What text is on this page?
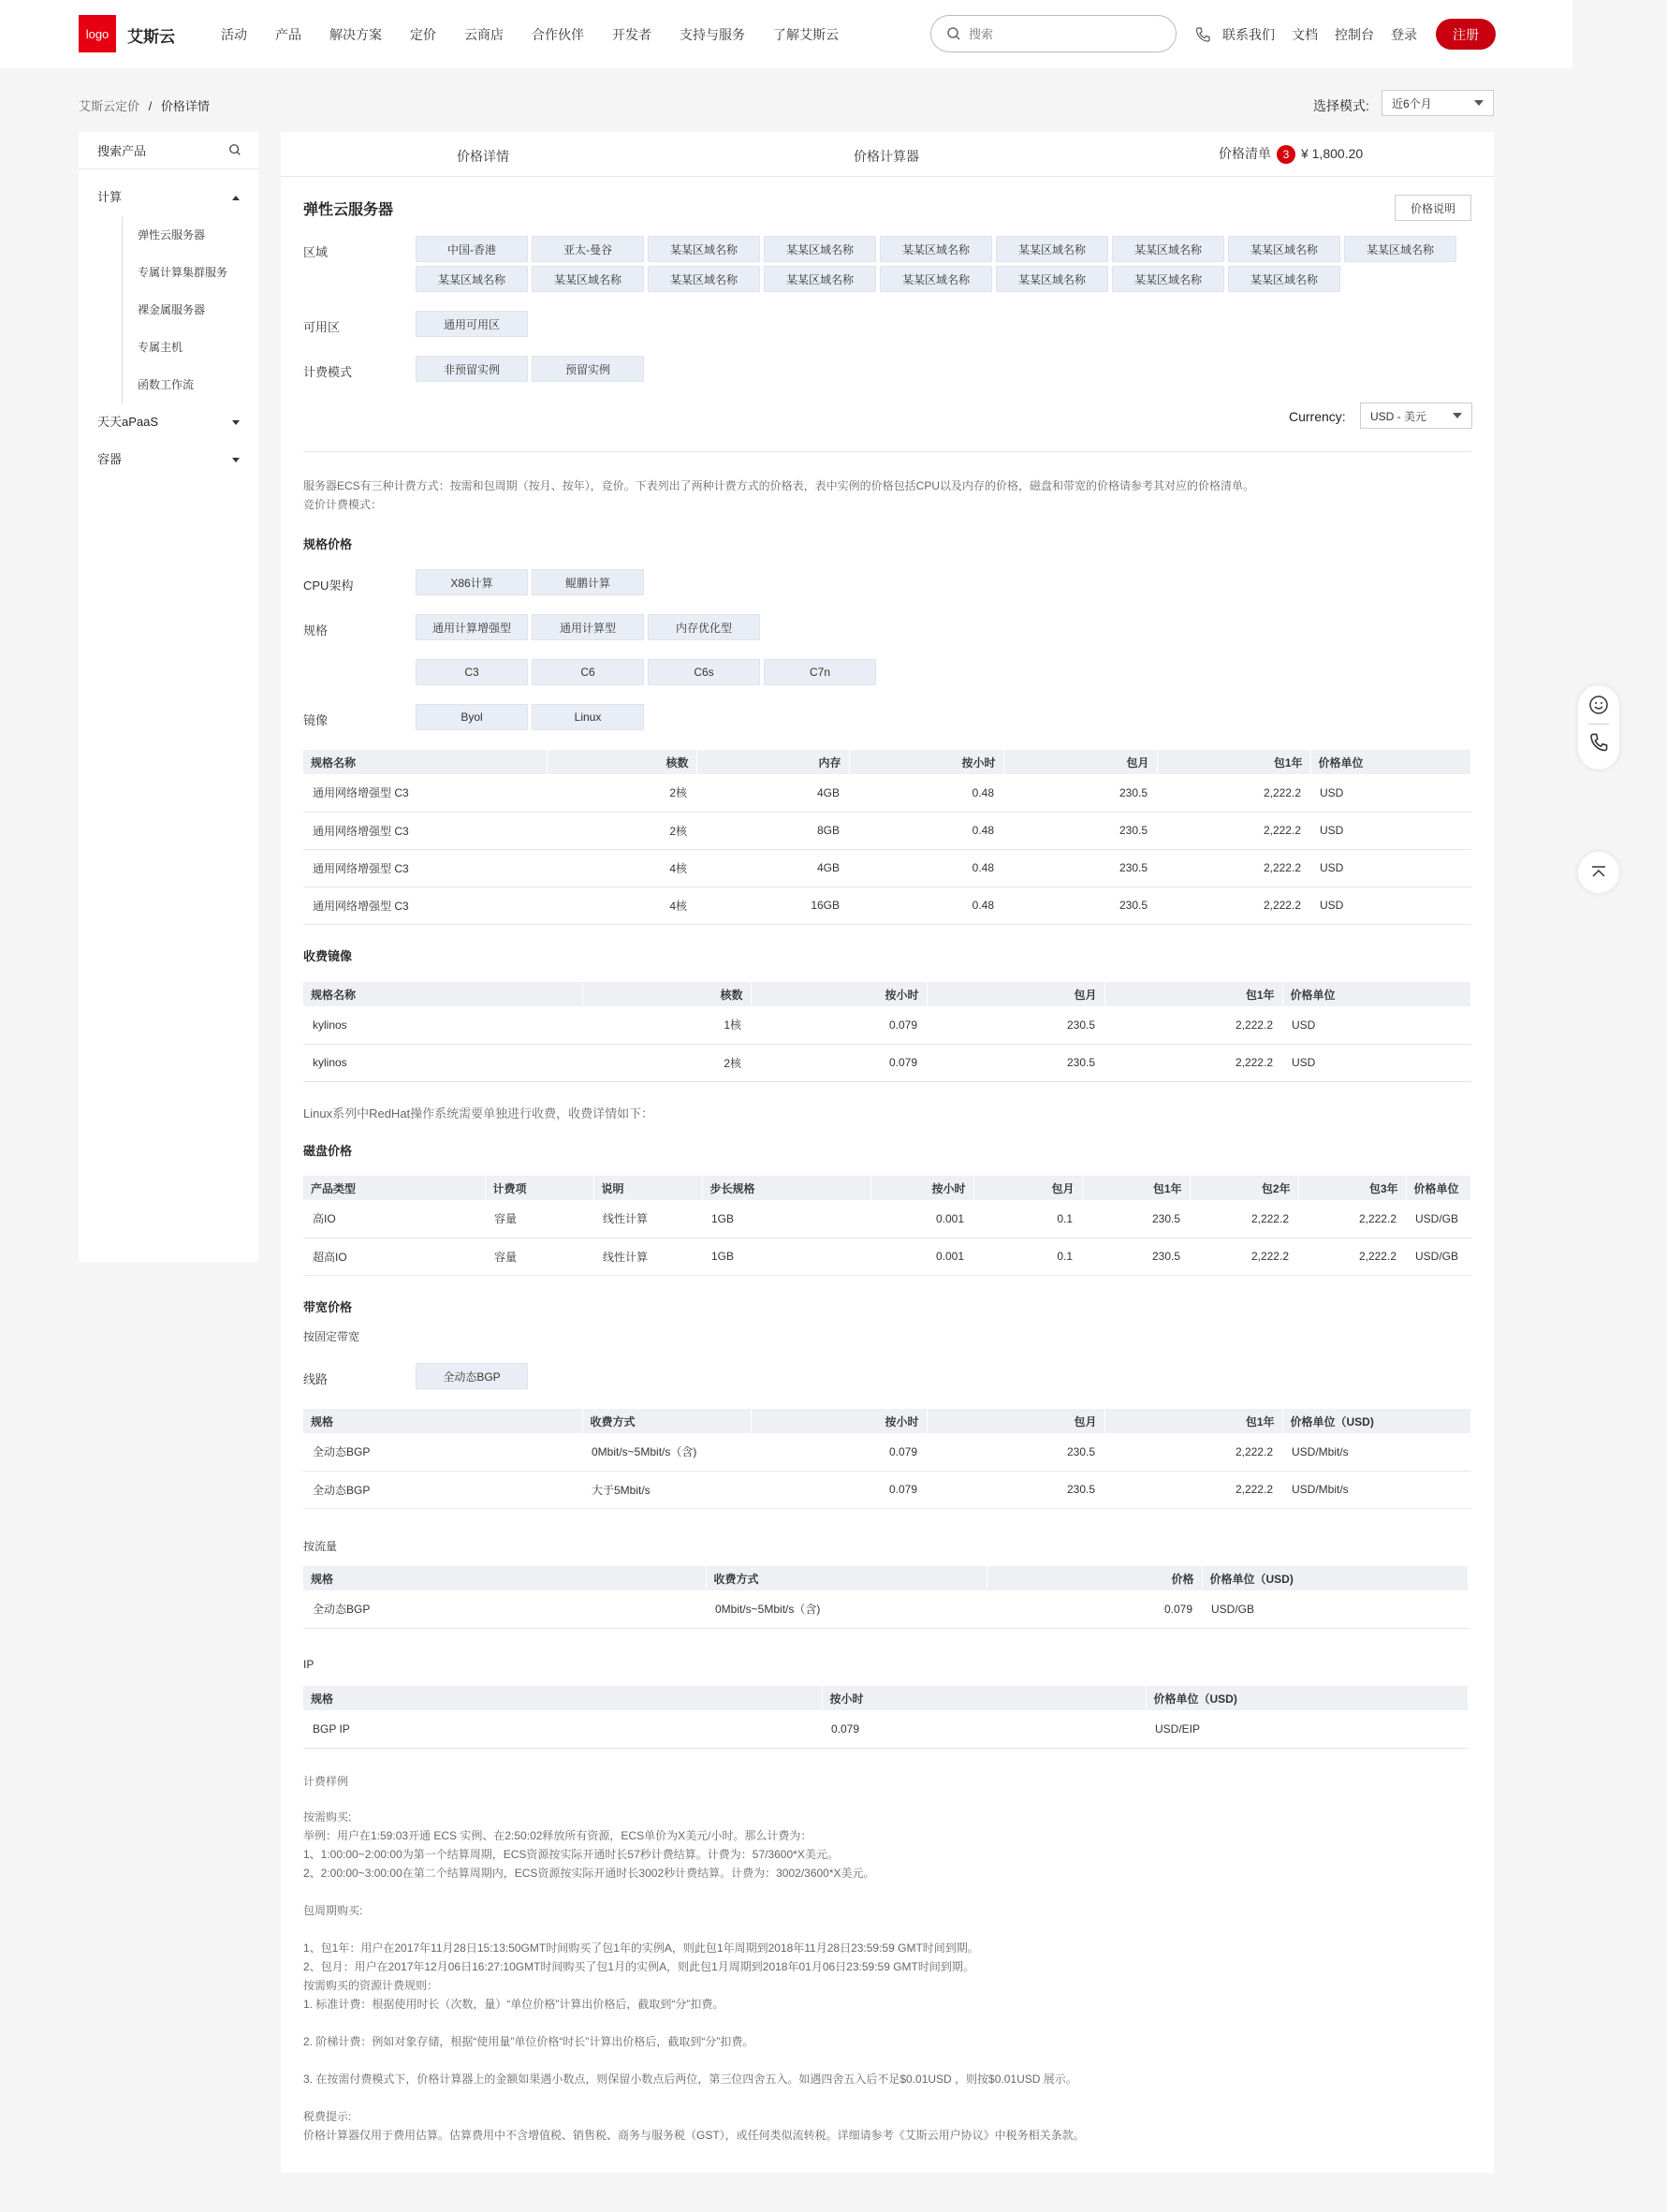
logo	艾斯云	活动 产品 解决方案 定价 云商店 合作伙伴 开发者 支持与服务 了解艾斯云
搜索	联系我们 文档 控制台 登录	注册
艾斯云定价 / 价格详情	选择模式: 近6个月
搜索产品
计算
弹性云服务器
专属计算集群服务
裸金属服务器
专属主机
函数工作流
天天aPaaS
容器
价格详情	价格计算器	价格清单 3 ¥ 1,800.20
弹性云服务器	价格说明
区域	中国-香港	亚太-曼谷	某某区域名称	某某区域名称	某某区域名称	某某区域名称	某某区域名称	某某区域名称	某某区域名称
某某区域名称	某某区域名称	某某区域名称	某某区域名称	某某区域名称	某某区域名称	某某区域名称	某某区域名称
可用区	通用可用区
计费模式	非预留实例	预留实例
Currency: USD - 美元
服务器ECS有三种计费方式：按需和包周期（按月、按年），竞价。下表列出了两种计费方式的价格表，表中实例的价格包括CPU以及内存的价格，磁盘和带宽的价格请参考其对应的价格清单。
竞价计费模式：
规格价格
CPU架构	X86计算	鲲鹏计算
规格	通用计算增强型	通用计算型	内存优化型
C3	C6	C6s	C7n
镜像	Byol	Linux
规格名称	核数	内存	按小时	包月	包1年	价格单位
通用网络增强型 C3	2核	4GB	0.48	230.5	2,222.2	USD
通用网络增强型 C3	2核	8GB	0.48	230.5	2,222.2	USD
通用网络增强型 C3	4核	4GB	0.48	230.5	2,222.2	USD
通用网络增强型 C3	4核	16GB	0.48	230.5	2,222.2	USD
收费镜像
规格名称	核数	按小时	包月	包1年	价格单位
kylinos	1核	0.079	230.5	2,222.2	USD
kylinos	2核	0.079	230.5	2,222.2	USD
Linux系列中RedHat操作系统需要单独进行收费，收费详情如下：
磁盘价格
产品类型	计费项	说明	步长规格	按小时	包月	包1年	包2年	包3年	价格单位
高IO	容量	线性计算	1GB	0.001	0.1	230.5	2,222.2	2,222.2	USD/GB
超高IO	容量	线性计算	1GB	0.001	0.1	230.5	2,222.2	2,222.2	USD/GB
带宽价格
按固定带宽
线路	全动态BGP
规格	收费方式	按小时	包月	包1年	价格单位（USD)
全动态BGP	0Mbit/s~5Mbit/s（含)	0.079	230.5	2,222.2	USD/Mbit/s
全动态BGP	大于5Mbit/s	0.079	230.5	2,222.2	USD/Mbit/s
按流量
规格	收费方式	价格	价格单位（USD)
全动态BGP	0Mbit/s~5Mbit/s（含)	0.079	USD/GB
IP
规格	按小时	价格单位（USD)
BGP IP	0.079	USD/EIP
计费样例
按需购买:
举例：用户在1:59:03开通 ECS 实例、在2:50:02释放所有资源，ECS单价为X美元/小时。那么计费为：
1、1:00:00~2:00:00为第一个结算周期，ECS资源按实际开通时长57秒计费结算。计费为：57/3600*X美元。
2、2:00:00~3:00:00在第二个结算周期内，ECS资源按实际开通时长3002秒计费结算。计费为：3002/3600*X美元。
包周期购买:
1、包1年：用户在2017年11月28日15:13:50GMT时间购买了包1年的实例A，则此包1年周期到2018年11月28日23:59:59 GMT时间到期。
2、包月：用户在2017年12月06日16:27:10GMT时间购买了包1月的实例A，则此包1月周期到2018年01月06日23:59:59 GMT时间到期。
按需购买的资源计费规则：
1. 标准计费：根据使用时长（次数，量）“单位价格”计算出价格后，截取到“分”扣费。
2. 阶梯计费：例如对象存储，根据“使用量”单位价格“时长”计算出价格后，截取到“分”扣费。
3. 在按需付费模式下，价格计算器上的金额如果遇小数点，则保留小数点后两位，第三位四舍五入。如遇四舍五入后不足$0.01USD ，则按$0.01USD 展示。
税费提示:
价格计算器仅用于费用估算。估算费用中不含增值税、销售税、商务与服务税（GST），或任何类似流转税。详细请参考《艾斯云用户协议》中税务相关条款。
